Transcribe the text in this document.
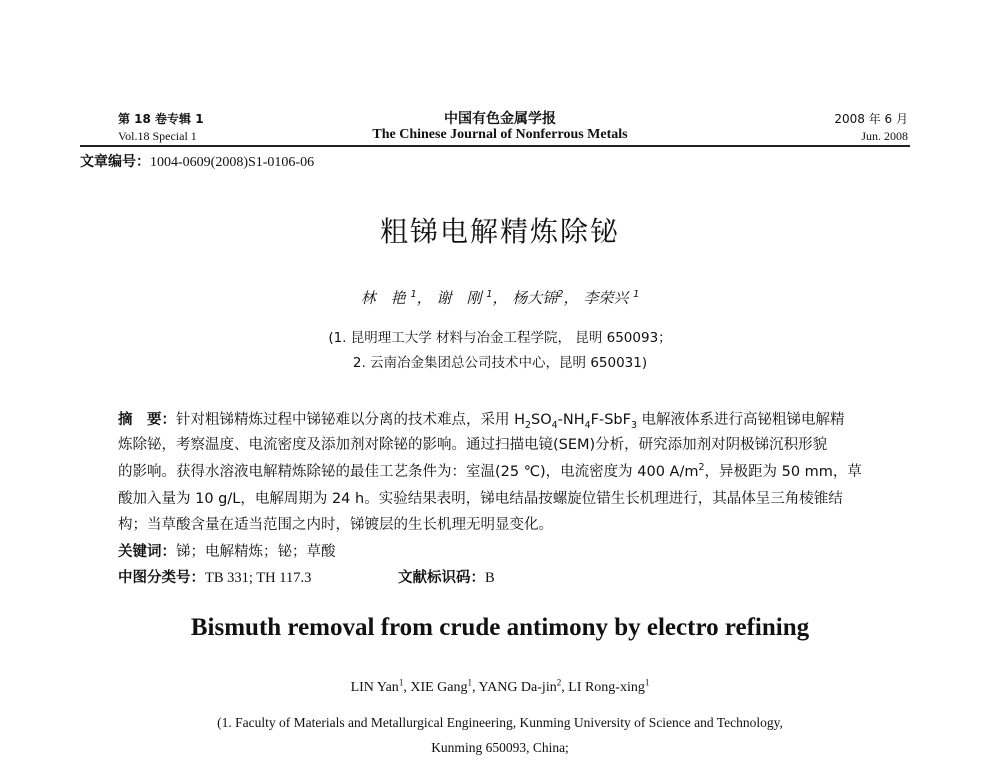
第 18 卷专辑 1
Vol.18 Special 1
中国有色金属学报
The Chinese Journal of Nonferrous Metals
2008 年 6 月
Jun. 2008
文章编号：1004-0609(2008)S1-0106-06
粗锑电解精炼除铋
林　艳 $^1$， 谢　刚 $^1$， 杨大锦$^2$， 李荣兴 $^1$
(1. 昆明理工大学 材料与冶金工程学院， 昆明 650093；
2. 云南冶金集团总公司技术中心，昆明 650031)
摘　要：针对粗锑精炼过程中锑铋难以分离的技术难点，采用 $H_2SO_4-NH_4F-SbF_3$ 电解液体系进行高铋粗锑电解精
炼除铋，考察温度、电流密度及添加剂对除铋的影响。通过扫描电镜(SEM)分析，研究添加剂对阴极锑沉积形貌
的影响。获得水溶液电解精炼除铋的最佳工艺条件为：室温(25 ℃)，电流密度为 400 $A/m^2$，异极距为 50 mm，草
酸加入量为 10 g/L，电解周期为 24 h。实验结果表明，锑电结晶按螺旋位错生长机理进行，其晶体呈三角棱锥结
构；当草酸含量在适当范围之内时，锑镀层的生长机理无明显变化。
关键词：锑；电解精炼；铋；草酸
中图分类号：TB 331; TH 117.3	文献标识码：B
Bismuth removal from crude antimony by electro refining
LIN Yan$^1$, XIE Gang$^1$, YANG Da-jin$^2$, LI Rong-xing$^1$
(1. Faculty of Materials and Metallurgical Engineering, Kunming University of Science and Technology,
Kunming 650093, China;
